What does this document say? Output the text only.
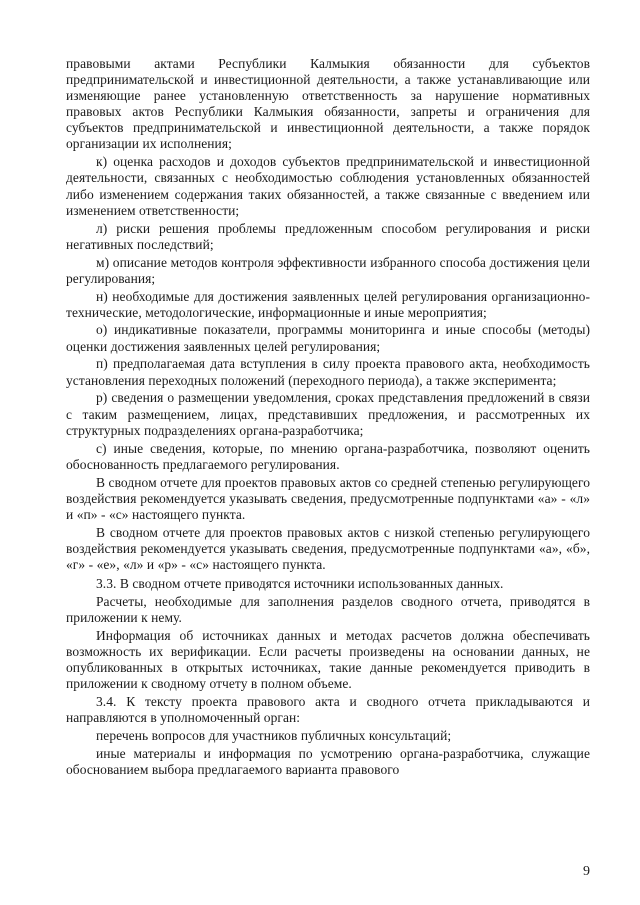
правовыми актами Республики Калмыкия обязанности для субъектов предпринимательской и инвестиционной деятельности, а также устанавливающие или изменяющие ранее установленную ответственность за нарушение нормативных правовых актов Республики Калмыкия обязанности, запреты и ограничения для субъектов предпринимательской и инвестиционной деятельности, а также порядок организации их исполнения;

к) оценка расходов и доходов субъектов предпринимательской и инвестиционной деятельности, связанных с необходимостью соблюдения установленных обязанностей либо изменением содержания таких обязанностей, а также связанные с введением или изменением ответственности;

л) риски решения проблемы предложенным способом регулирования и риски негативных последствий;

м) описание методов контроля эффективности избранного способа достижения цели регулирования;

н) необходимые для достижения заявленных целей регулирования организационно-технические, методологические, информационные и иные мероприятия;

о) индикативные показатели, программы мониторинга и иные способы (методы) оценки достижения заявленных целей регулирования;

п) предполагаемая дата вступления в силу проекта правового акта, необходимость установления переходных положений (переходного периода), а также эксперимента;

р) сведения о размещении уведомления, сроках представления предложений в связи с таким размещением, лицах, представивших предложения, и рассмотренных их структурных подразделениях органа-разработчика;

с) иные сведения, которые, по мнению органа-разработчика, позволяют оценить обоснованность предлагаемого регулирования.

В сводном отчете для проектов правовых актов со средней степенью регулирующего воздействия рекомендуется указывать сведения, предусмотренные подпунктами «а» - «л» и «п» - «с» настоящего пункта.

В сводном отчете для проектов правовых актов с низкой степенью регулирующего воздействия рекомендуется указывать сведения, предусмотренные подпунктами «а», «б», «г» - «е», «л» и «р» - «с» настоящего пункта.

3.3. В сводном отчете приводятся источники использованных данных.

Расчеты, необходимые для заполнения разделов сводного отчета, приводятся в приложении к нему.

Информация об источниках данных и методах расчетов должна обеспечивать возможность их верификации. Если расчеты произведены на основании данных, не опубликованных в открытых источниках, такие данные рекомендуется приводить в приложении к сводному отчету в полном объеме.

3.4. К тексту проекта правового акта и сводного отчета прикладываются и направляются в уполномоченный орган:

перечень вопросов для участников публичных консультаций;

иные материалы и информация по усмотрению органа-разработчика, служащие обоснованием выбора предлагаемого варианта правового

9
